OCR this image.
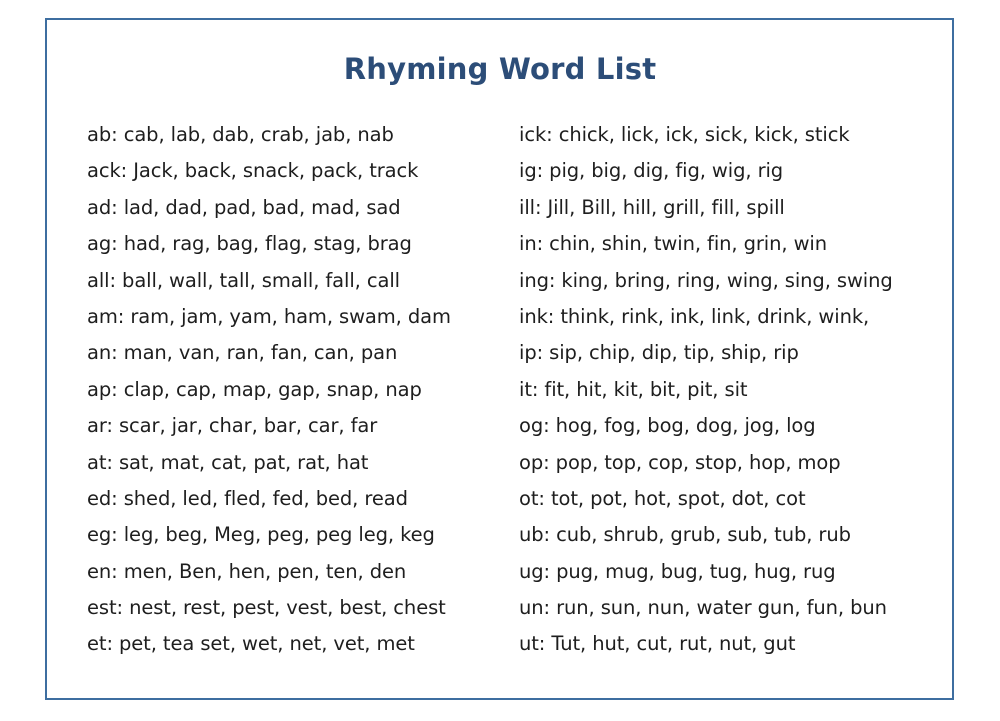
Rhyming Word List
ab: cab, lab, dab, crab, jab, nab
ack: Jack, back, snack, pack, track
ad: lad, dad, pad, bad, mad, sad
ag: had, rag, bag, flag, stag, brag
all: ball, wall, tall, small, fall, call
am: ram, jam, yam, ham, swam, dam
an: man, van, ran, fan, can, pan
ap: clap, cap, map, gap, snap, nap
ar: scar, jar, char, bar, car, far
at: sat, mat, cat, pat, rat, hat
ed: shed, led, fled, fed, bed, read
eg: leg, beg, Meg, peg, peg leg, keg
en: men, Ben, hen, pen, ten, den
est: nest, rest, pest, vest, best, chest
et: pet, tea set, wet, net, vet, met
ick: chick, lick, ick, sick, kick, stick
ig: pig, big, dig, fig, wig, rig
ill: Jill, Bill, hill, grill, fill, spill
in: chin, shin, twin, fin, grin, win
ing: king, bring, ring, wing, sing, swing
ink: think, rink, ink, link, drink, wink,
ip: sip, chip, dip, tip, ship, rip
it: fit, hit, kit, bit, pit, sit
og: hog, fog, bog, dog, jog, log
op: pop, top, cop, stop, hop, mop
ot: tot, pot, hot, spot, dot, cot
ub: cub, shrub, grub, sub, tub, rub
ug: pug, mug, bug, tug, hug, rug
un: run, sun, nun, water gun, fun, bun
ut: Tut, hut, cut, rut, nut, gut
